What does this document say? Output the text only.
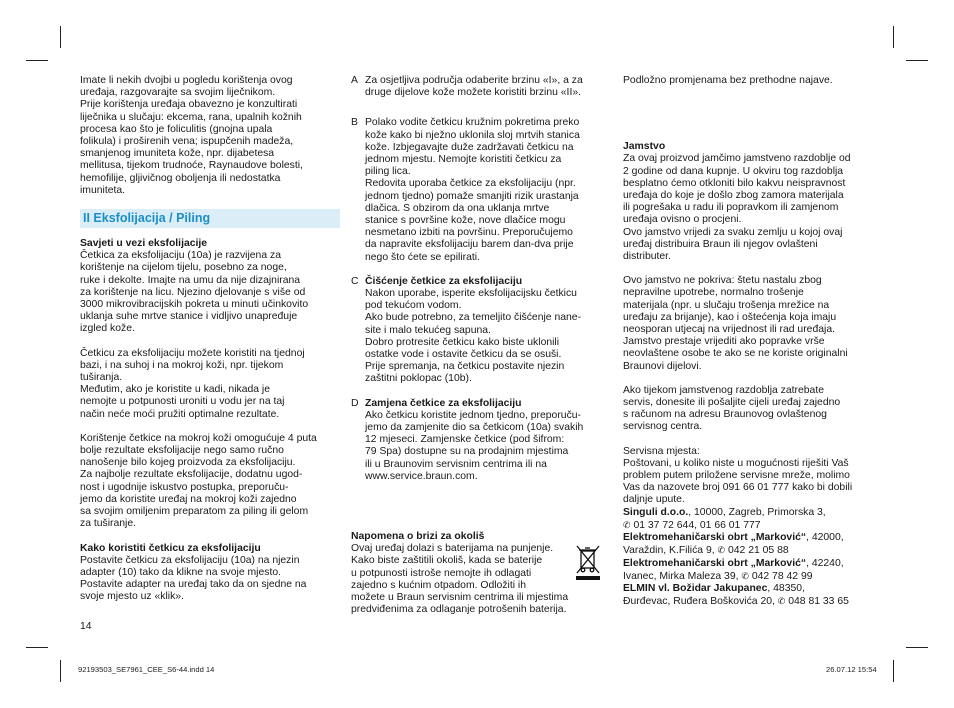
Imate li nekih dvojbi u pogledu korištenja ovog
uređaja, razgovarajte sa svojim liječnikom.
Prije korištenja uređaja obavezno je konzultirati
liječnika u slučaju: ekcema, rana, upalnih kožnih
procesa kao što je foliculitis (gnojna upala
folikula) i proširenih vena; ispupčenih madeža,
smanjenog imuniteta kože, npr. dijabetesa
mellitusa, tijekom trudnoće, Raynaudove bolesti,
hemofilije, gljivičnog oboljenja ili nedostatka
imuniteta.
II Eksfolijacija / Piling

Savjeti u vezi eksfolijacije

Četkica za eksfolijaciju (10a) je razvijena za
korištenje na cijelom tijelu, posebno za noge,
ruke i dekolte. Imajte na umu da nije dizajnirana
za korištenje na licu. Njezino djelovanje s više od
3000 mikrovibracijskih pokreta u minuti učinkovito
uklanja suhe mrtve stanice i vidljivo unapređuje
izgled kože.
Četkicu za eksfolijaciju možete koristiti na tjednoj
bazi, i na suhoj i na mokroj koži, npr. tijekom
tuširanja.
Međutim, ako je koristite u kadi, nikada je
nemojte u potpunosti uroniti u vodu jer na taj
način neće moći pružiti optimalne rezultate.
Korištenje četkice na mokroj koži omogućuje 4 puta
bolje rezultate eksfolijacije nego samo ručno
nanošenje bilo kojeg proizvoda za eksfolijaciju.
Za najbolje rezultate eksfolijacije, dodatnu ugod-
nost i ugodnije iskustvo postupka, preporuču-
jemo da koristite uređaj na mokroj koži zajedno
sa svojim omiljenim preparatom za piling ili gelom
za tuširanje.

Kako koristiti četkicu za eksfolijaciju

Postavite četkicu za eksfolijaciju (10a) na njezin
adapter (10) tako da kliknе na svoje mjesto.
Postavite adapter na uređaj tako da on sjedne na
svoje mjesto uz «klik».
14
A Za osjetljiva područja odaberite brzinu «I», a za
druge dijelove kože možete koristiti brzinu «II».
B Polako vodite četkicu kružnim pokretima preko
kože kako bi nježno uklonila sloj mrtvih stanica
kože. Izbjegavajte duže zadržavati četkicu na
jednom mjestu. Nemojte koristiti četkicu za
piling lica.
Redovita uporaba četkice za eksfolijaciju (npr.
jednom tjedno) pomaže smanjiti rizik urastanja
dlačica. S obzirom da ona uklanja mrtve
stanice s površine kože, nove dlačice mogu
nesmetano izbiti na površinu. Preporučujemo
da napravite eksfolijaciju barem dan-dva prije
nego što ćete se epilirati.
C Čišćenje četkice za eksfolijaciju

Nakon uporabe, isperite eksfolijacijsku četkicu
pod tekućom vodom.
Ako bude potrebno, za temeljito čišćenje nane-
site i malo tekućeg sapuna.
Dobro protresite četkicu kako biste uklonili
ostatke vode i ostavite četkicu da se osuši.
Prije spremanja, na četkicu postavite njezin
zaštitni poklopac (10b).
D Zamjena četkice za eksfolijaciju

Ako četkicu koristite jednom tjedno, preporuču-
jemo da zamjenite dio sa četkicom (10a) svakih
12 mjeseci. Zamjenske četkice (pod šifrom:
79 Spa) dostupne su na prodajnim mjestima
ili u Braunovim servisnim centrima ili na
www.service.braun.com.

Napomena o brizi za okoliš

Ovaj uređaj dolazi s baterijama na punjenje.
Kako biste zaštitili okoliš, kada se baterije
u potpunosti istroše nemojte ih odlagati
zajedno s kućnim otpadom. Odložiti ih
možete u Braun servisnim centrima ili mjestima
predviđenima za odlaganje potrošenih baterija.

Podložno promjenama bez prethodne najave.

Jamstvo

Za ovaj proizvod jamčimo jamstveno razdoblje od
2 godine od dana kupnje. U okviru tog razdoblja
besplatno ćemo otkloniti bilo kakvu neispravnost
uređaja do koje je došlo zbog zamora materijala
ili pogrešaka u radu ili popravkom ili zamjenom
uređaja ovisno o procjeni.
Ovo jamstvo vrijedi za svaku zemlju u kojoj ovaj
uređaj distribuira Braun ili njegov ovlašteni
distributer.
Ovo jamstvo ne pokriva: štetu nastalu zbog
nepravilne upotrebe, normalno trošenje
materijala (npr. u slučaju trošenja mrežice na
uređaju za brijanje), kao i oštećenja koja imaju
neosporan utjecaj na vrijednost ili rad uređaja.
Jamstvo prestaje vrijediti ako popravke vrše
neovlaštene osobe te ako se ne koriste originalni
Braunovi dijelovi.
Ako tijekom jamstvenog razdoblja zatrebate
servis, donesite ili pošaljite cijeli uređaj zajedno
s računom na adresu Braunovog ovlaštenog
servisnog centra.

Servisna mjesta:

Poštovani, u koliko niste u mogućnosti riješiti Vaš
problem putem priložene servisne mreže, molimo
Vas da nazovete broj 091 66 01 777 kako bi dobili
daljnje upute.

Singuli d.o.o., 10000, Zagreb, Primorska 3,

✆ 01 37 72 644, 01 66 01 777

Elektromehaničarski obrt „Marković“, 42000,

Varaždin, K.Filića 9, ✆ 042 21 05 88

Elektromehaničarski obrt „Marković“, 42240,

Ivanec, Mirka Maleza 39, ✆ 042 78 42 99

ELMIN vl. Božidar Jakupanec, 48350,

Đurđevac, Ruđera Boškovića 20, ✆ 048 81 33 65

92193503_SE7961_CEE_S6-44.indd 14	26.07.12 15:54
